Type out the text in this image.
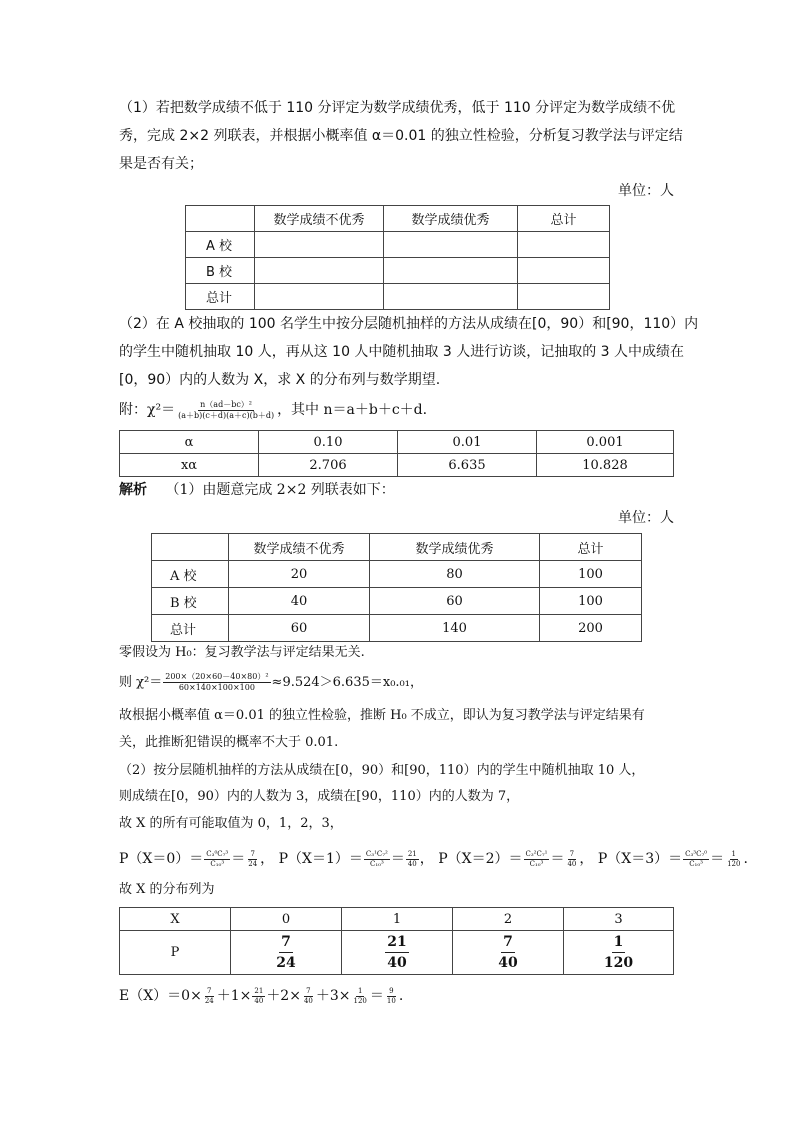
（1）若把数学成绩不低于 110 分评定为数学成绩优秀，低于 110 分评定为数学成绩不优
秀，完成 2×2 列联表，并根据小概率值 α＝0.01 的独立性检验，分析复习教学法与评定结
果是否有关；
单位：人
	数学成绩不优秀	数学成绩优秀	总计
A 校			
B 校			
总计			
（2）在 A 校抽取的 100 名学生中按分层随机抽样的方法从成绩在[0，90）和[90，110）内
的学生中随机抽取 10 人，再从这 10 人中随机抽取 3 人进行访谈，记抽取的 3 人中成绩在
[0，90）内的人数为 X，求 X 的分布列与数学期望.
附：$\chi^2= \frac{\text{n（ad－bc）²}}{(a+b)(c+d)(a+c)(b+d)}$ ，其中 n＝a＋b＋c＋d.
α	0.10	0.01	0.001
xα	2.706	6.635	10.828
解析 （1）由题意完成 2×2 列联表如下：
单位：人
	数学成绩不优秀	数学成绩优秀	总计
A 校	20	80	100
B 校	40	60	100
总计	60	140	200
零假设为 H₀：复习教学法与评定结果无关.
则 $\chi^2= \frac{\text{200×（20×60－40×80）²}}{60\times 140\times 100\times 100} \approx 9.524>6.635=x_0._{01}$，
故根据小概率值 α＝0.01 的独立性检验，推断 H₀ 不成立，即认为复习教学法与评定结果有
关，此推断犯错误的概率不大于 0.01.
（2）按分层随机抽样的方法从成绩在[0，90）和[90，110）内的学生中随机抽取 10 人，
则成绩在[0，90）内的人数为 3，成绩在[90，110）内的人数为 7，
故 X 的所有可能取值为 0，1，2，3，
$P(X=0)= \frac{\text{C₃⁰C₇³}}{\text{C₁₀³}} = \frac{7}{24}$ ， $P(X=1)= \frac{\text{C₃¹C₇²}}{\text{C₁₀³}} = \frac{21}{40}$ ， $P(X=2)= \frac{\text{C₃²C₇¹}}{\text{C₁₀³}} = \frac{7}{40}$ ， $P(X=3)= \frac{\text{C₃³C₇⁰}}{\text{C₁₀³}} = \frac{1}{120}$ .
故 X 的分布列为
X	0	1	2	3
P	$\frac{7}{24}$	$\frac{21}{40}$	$\frac{7}{40}$	$\frac{1}{120}$
$E(X)=0\times \frac{7}{24} +1\times \frac{21}{40} +2\times \frac{7}{40} +3\times \frac{1}{120} = \frac{9}{10}$ .
